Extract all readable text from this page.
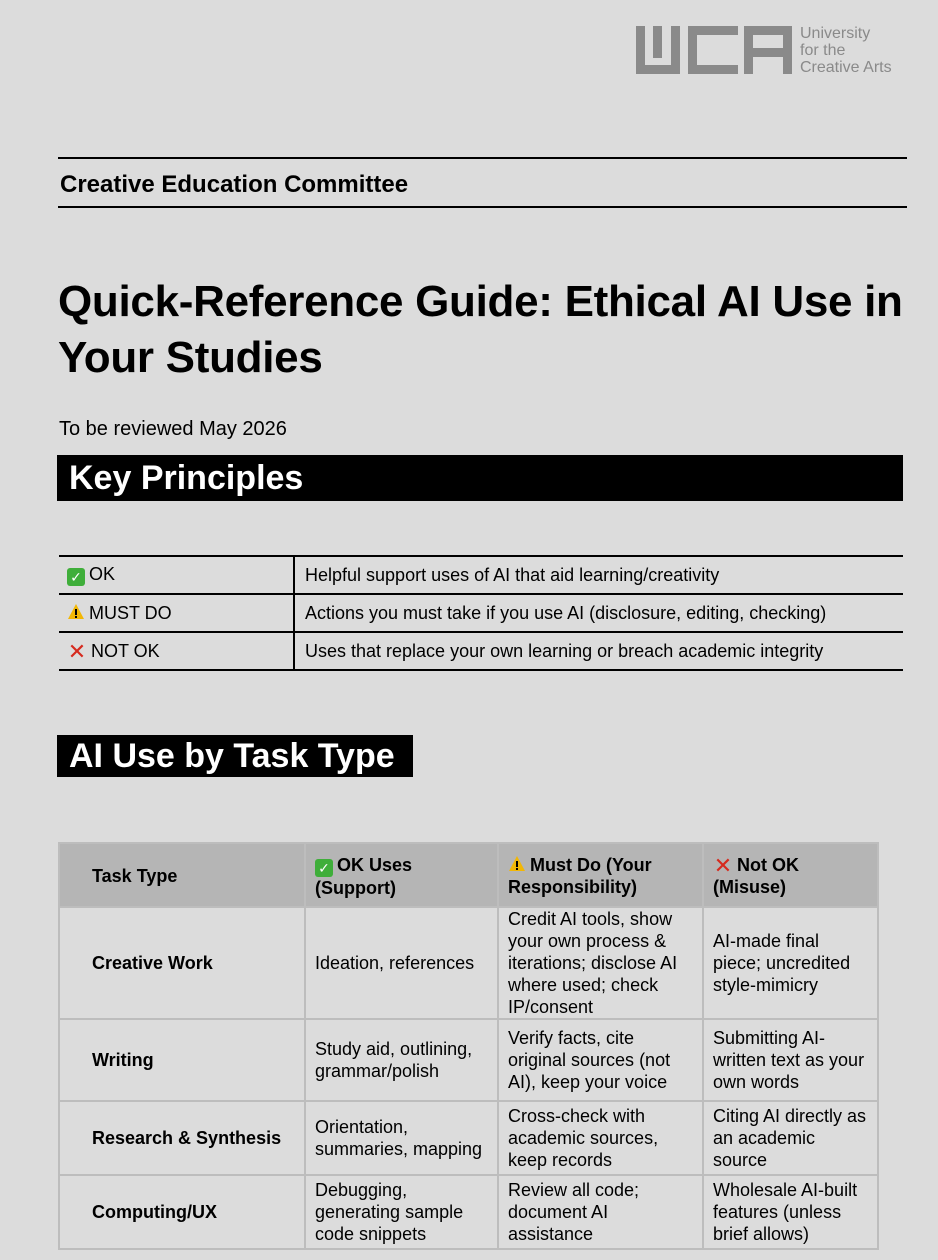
University
for the
Creative Arts
Creative Education Committee
Quick-Reference Guide: Ethical AI Use in Your Studies
To be reviewed May 2026
Key Principles
✓ OK	Helpful support uses of AI that aid learning/creativity
MUST DO	Actions you must take if you use AI (disclosure, editing, checking)
✕ NOT OK	Uses that replace your own learning or breach academic integrity
AI Use by Task Type
Task Type	✓ OK Uses (Support)	Must Do (Your Responsibility)	✕ Not OK (Misuse)
Creative Work	Ideation, references	Credit AI tools, show your own process & iterations; disclose AI where used; check IP/consent	AI-made final piece; uncredited style-mimicry
Writing	Study aid, outlining, grammar/polish	Verify facts, cite original sources (not AI), keep your voice	Submitting AI-written text as your own words
Research & Synthesis	Orientation, summaries, mapping	Cross-check with academic sources, keep records	Citing AI directly as an academic source
Computing/UX	Debugging, generating sample code snippets	Review all code; document AI assistance	Wholesale AI-built features (unless brief allows)
